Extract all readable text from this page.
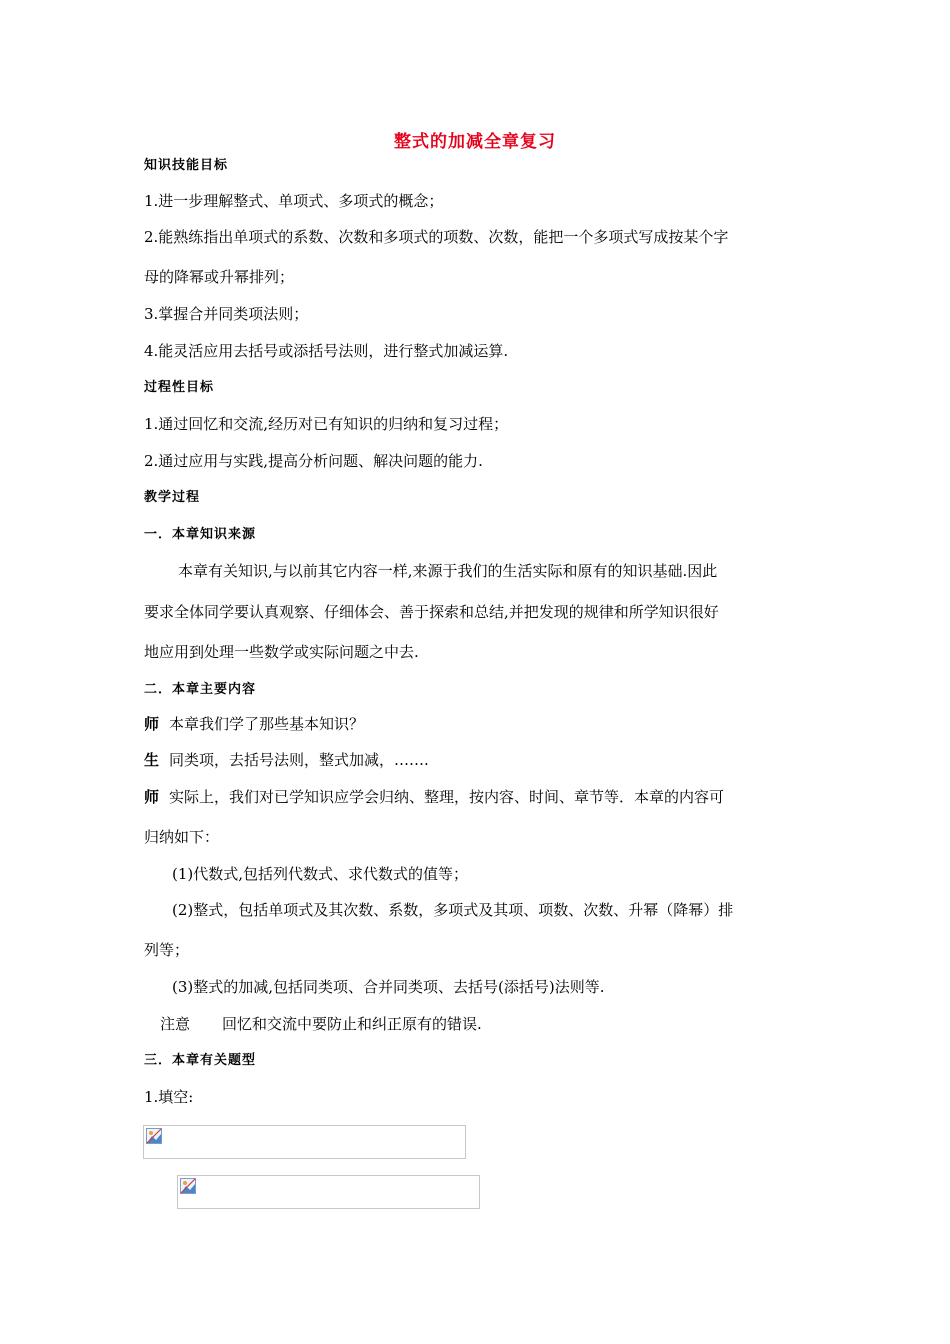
整式的加减全章复习
知识技能目标
1.进一步理解整式、单项式、多项式的概念；
2.能熟练指出单项式的系数、次数和多项式的项数、次数，能把一个多项式写成按某个字
母的降幂或升幂排列；
3.掌握合并同类项法则；
4.能灵活应用去括号或添括号法则，进行整式加减运算.
过程性目标
1.通过回忆和交流,经历对已有知识的归纳和复习过程；
2.通过应用与实践,提高分析问题、解决问题的能力.
教学过程
一．本章知识来源
本章有关知识,与以前其它内容一样,来源于我们的生活实际和原有的知识基础.因此
要求全体同学要认真观察、仔细体会、善于探索和总结,并把发现的规律和所学知识很好
地应用到处理一些数学或实际问题之中去.
二．本章主要内容
师 本章我们学了那些基本知识？
生 同类项，去括号法则，整式加减，…….
师 实际上，我们对已学知识应学会归纳、整理，按内容、时间、章节等．本章的内容可
归纳如下：
(1)代数式,包括列代数式、求代数式的值等；
(2)整式，包括单项式及其次数、系数，多项式及其项、项数、次数、升幂（降幂）排
列等；
(3)整式的加减,包括同类项、合并同类项、去括号(添括号)法则等.
注意 回忆和交流中要防止和纠正原有的错误.
三．本章有关题型
1.填空:
